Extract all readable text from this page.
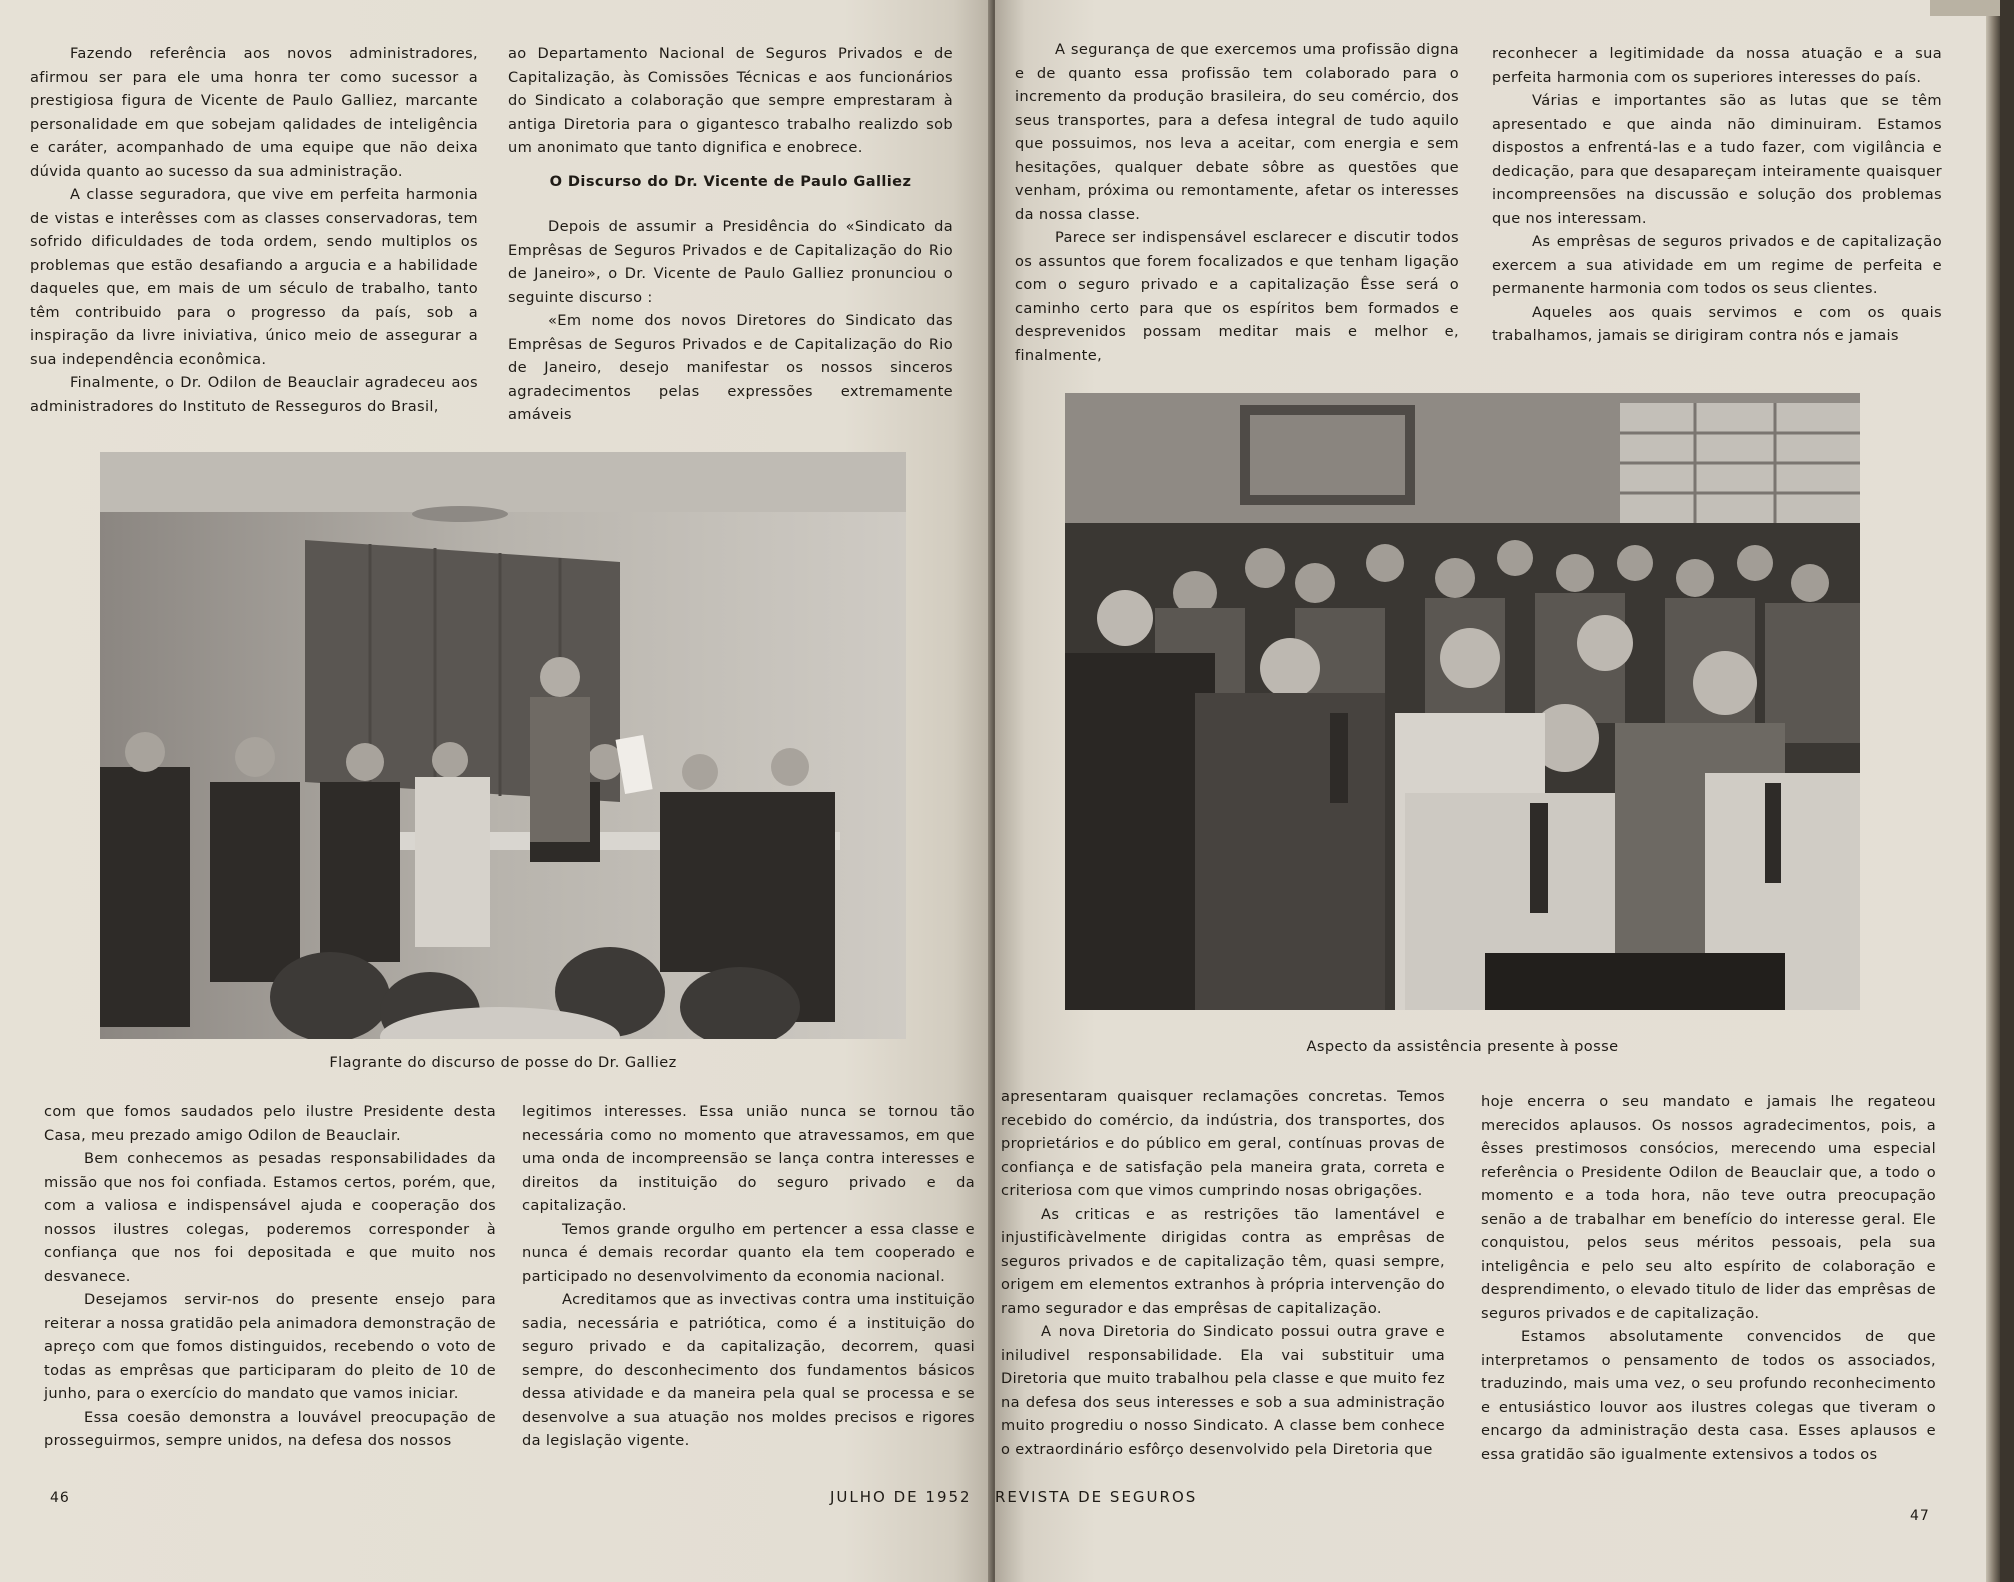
Fazendo referência aos novos administradores, afirmou ser para ele uma honra ter como sucessor a prestigiosa figura de Vicente de Paulo Galliez, marcante personalidade em que sobejam qalidades de inteligência e caráter, acompanhado de uma equipe que não deixa dúvida quanto ao sucesso da sua administração.

A classe seguradora, que vive em perfeita harmonia de vistas e interêsses com as classes conservadoras, tem sofrido dificuldades de toda ordem, sendo multiplos os problemas que estão desafiando a argucia e a habilidade daqueles que, em mais de um século de trabalho, tanto têm contribuido para o progresso da país, sob a inspiração da livre iniviativa, único meio de assegurar a sua independência econômica.

Finalmente, o Dr. Odilon de Beauclair agradeceu aos administradores do Instituto de Resseguros do Brasil,

ao Departamento Nacional de Seguros Privados e de Capitalização, às Comissões Técnicas e aos funcionários do Sindicato a colaboração que sempre emprestaram à antiga Diretoria para o gigantesco trabalho realizdo sob um anonimato que tanto dignifica e enobrece.

O Discurso do Dr. Vicente de Paulo Galliez

Depois de assumir a Presidência do «Sindicato da Emprêsas de Seguros Privados e de Capitalização do Rio de Janeiro», o Dr. Vicente de Paulo Galliez pronunciou o seguinte discurso :

«Em nome dos novos Diretores do Sindicato das Emprêsas de Seguros Privados e de Capitalização do Rio de Janeiro, desejo manifestar os nossos sinceros agradecimentos pelas expressões extremamente amáveis

Flagrante do discurso de posse do Dr. Galliez

com que fomos saudados pelo ilustre Presidente desta Casa, meu prezado amigo Odilon de Beauclair.

Bem conhecemos as pesadas responsabilidades da missão que nos foi confiada. Estamos certos, porém, que, com a valiosa e indispensável ajuda e cooperação dos nossos ilustres colegas, poderemos corresponder à confiança que nos foi depositada e que muito nos desvanece.

Desejamos servir-nos do presente ensejo para reiterar a nossa gratidão pela animadora demonstração de apreço com que fomos distinguidos, recebendo o voto de todas as emprêsas que participaram do pleito de 10 de junho, para o exercício do mandato que vamos iniciar.

Essa coesão demonstra a louvável preocupação de prosseguirmos, sempre unidos, na defesa dos nossos

legitimos interesses. Essa união nunca se tornou tão necessária como no momento que atravessamos, em que uma onda de incompreensão se lança contra interesses e direitos da instituição do seguro privado e da capitalização.

Temos grande orgulho em pertencer a essa classe e nunca é demais recordar quanto ela tem cooperado e participado no desenvolvimento da economia nacional.

Acreditamos que as invectivas contra uma instituição sadia, necessária e patriótica, como é a instituição do seguro privado e da capitalização, decorrem, quasi sempre, do desconhecimento dos fundamentos básicos dessa atividade e da maneira pela qual se processa e se desenvolve a sua atuação nos moldes precisos e rigores da legislação vigente.

46	JULHO DE 1952

A segurança de que exercemos uma profissão digna e de quanto essa profissão tem colaborado para o incremento da produção brasileira, do seu comércio, dos seus transportes, para a defesa integral de tudo aquilo que possuimos, nos leva a aceitar, com energia e sem hesitações, qualquer debate sôbre as questões que venham, próxima ou remontamente, afetar os interesses da nossa classe.

Parece ser indispensável esclarecer e discutir todos os assuntos que forem focalizados e que tenham ligação com o seguro privado e a capitalização Êsse será o caminho certo para que os espíritos bem formados e desprevenidos possam meditar mais e melhor e, finalmente,

reconhecer a legitimidade da nossa atuação e a sua perfeita harmonia com os superiores interesses do país.

Várias e importantes são as lutas que se têm apresentado e que ainda não diminuiram. Estamos dispostos a enfrentá-las e a tudo fazer, com vigilância e dedicação, para que desapareçam inteiramente quaisquer incompreensões na discussão e solução dos problemas que nos interessam.

As emprêsas de seguros privados e de capitalização exercem a sua atividade em um regime de perfeita e permanente harmonia com todos os seus clientes.

Aqueles aos quais servimos e com os quais trabalhamos, jamais se dirigiram contra nós e jamais

Aspecto da assistência presente à posse

apresentaram quaisquer reclamações concretas. Temos recebido do comércio, da indústria, dos transportes, dos proprietários e do público em geral, contínuas provas de confiança e de satisfação pela maneira grata, correta e criteriosa com que vimos cumprindo nosas obrigações.

As criticas e as restrições tão lamentável e injustificàvelmente dirigidas contra as emprêsas de seguros privados e de capitalização têm, quasi sempre, origem em elementos extranhos à própria intervenção do ramo segurador e das emprêsas de capitalização.

A nova Diretoria do Sindicato possui outra grave e iniludivel responsabilidade. Ela vai substituir uma Diretoria que muito trabalhou pela classe e que muito fez na defesa dos seus interesses e sob a sua administração muito progrediu o nosso Sindicato. A classe bem conhece o extraordinário esfôrço desenvolvido pela Diretoria que

hoje encerra o seu mandato e jamais lhe regateou merecidos aplausos. Os nossos agradecimentos, pois, a êsses prestimosos consócios, merecendo uma especial referência o Presidente Odilon de Beauclair que, a todo o momento e a toda hora, não teve outra preocupação senão a de trabalhar em benefício do interesse geral. Ele conquistou, pelos seus méritos pessoais, pela sua inteligência e pelo seu alto espírito de colaboração e desprendimento, o elevado titulo de lider das emprêsas de seguros privados e de capitalização.

Estamos absolutamente convencidos de que interpretamos o pensamento de todos os associados, traduzindo, mais uma vez, o seu profundo reconhecimento e entusiástico louvor aos ilustres colegas que tiveram o encargo da administração desta casa. Esses aplausos e essa gratidão são igualmente extensivos a todos os

REVISTA DE SEGUROS
47
